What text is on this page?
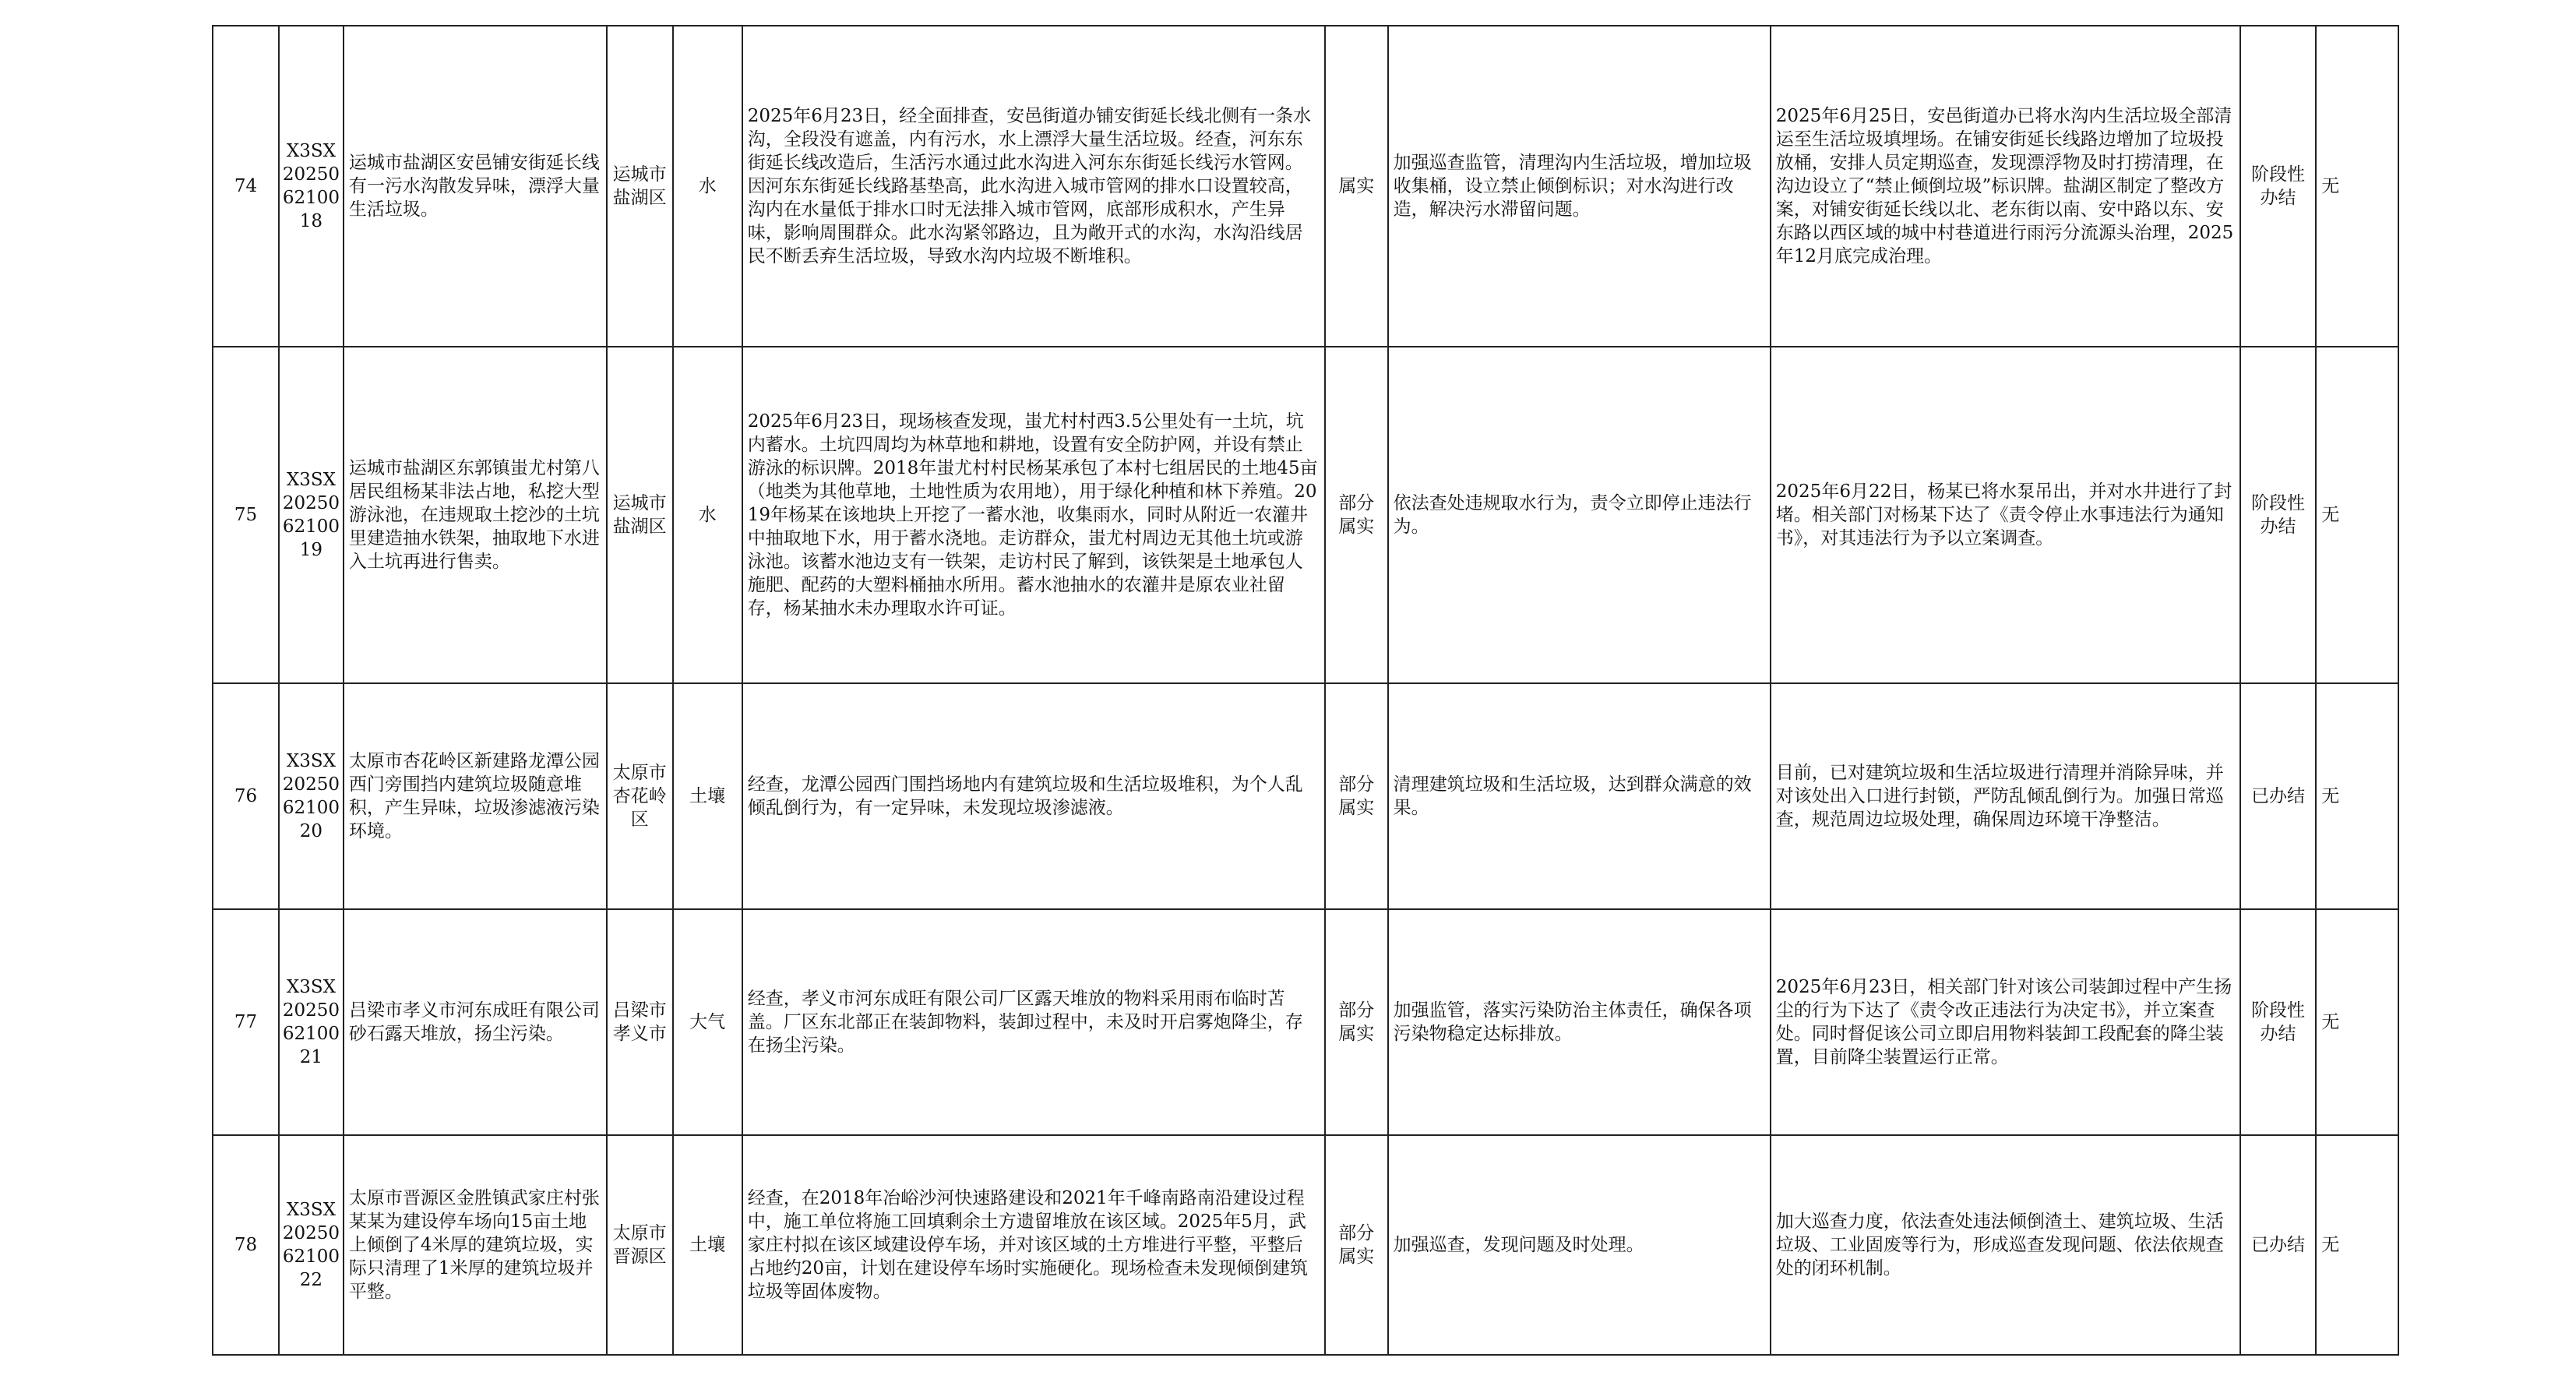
74	X3SX2025062100 18	运城市盐湖区安邑铺安街延长线有一污水沟散发异味，漂浮大量生活垃圾。	运城市盐湖区	水	2025年6月23日，经全面排查，安邑街道办铺安街延长线北侧有一条水沟，全段没有遮盖，内有污水，水上漂浮大量生活垃圾。经查，河东东街延长线改造后，生活污水通过此水沟进入河东东街延长线污水管网。因河东东街延长线路基垫高，此水沟进入城市管网的排水口设置较高，沟内在水量低于排水口时无法排入城市管网，底部形成积水，产生异味，影响周围群众。此水沟紧邻路边，且为敞开式的水沟，水沟沿线居民不断丢弃生活垃圾，导致水沟内垃圾不断堆积。	属实	加强巡查监管，清理沟内生活垃圾，增加垃圾收集桶，设立禁止倾倒标识；对水沟进行改造，解决污水滞留问题。	2025年6月25日，安邑街道办已将水沟内生活垃圾全部清运至生活垃圾填埋场。在铺安街延长线路边增加了垃圾投放桶，安排人员定期巡查，发现漂浮物及时打捞清理，在沟边设立了“禁止倾倒垃圾”标识牌。盐湖区制定了整改方案，对铺安街延长线以北、老东街以南、安中路以东、安东路以西区域的城中村巷道进行雨污分流源头治理，2025年12月底完成治理。	阶段性办结	无
75	X3SX2025062100 19	运城市盐湖区东郭镇蚩尤村第八居民组杨某非法占地，私挖大型游泳池，在违规取土挖沙的土坑里建造抽水铁架，抽取地下水进入土坑再进行售卖。	运城市盐湖区	水	2025年6月23日，现场核查发现，蚩尤村村西3.5公里处有一土坑，坑内蓄水。土坑四周均为林草地和耕地，设置有安全防护网，并设有禁止游泳的标识牌。2018年蚩尤村村民杨某承包了本村七组居民的土地45亩（地类为其他草地，土地性质为农用地），用于绿化种植和林下养殖。2019年杨某在该地块上开挖了一蓄水池，收集雨水，同时从附近一农灌井中抽取地下水，用于蓄水浇地。走访群众，蚩尤村周边无其他土坑或游泳池。该蓄水池边支有一铁架，走访村民了解到，该铁架是土地承包人施肥、配药的大塑料桶抽水所用。蓄水池抽水的农灌井是原农业社留存，杨某抽水未办理取水许可证。	部分属实	依法查处违规取水行为，责令立即停止违法行为。	2025年6月22日，杨某已将水泵吊出，并对水井进行了封堵。相关部门对杨某下达了《责令停止水事违法行为通知书》，对其违法行为予以立案调查。	阶段性办结	无
76	X3SX2025062100 20	太原市杏花岭区新建路龙潭公园西门旁围挡内建筑垃圾随意堆积，产生异味，垃圾渗滤液污染环境。	太原市杏花岭区	土壤	经查，龙潭公园西门围挡场地内有建筑垃圾和生活垃圾堆积，为个人乱倾乱倒行为，有一定异味，未发现垃圾渗滤液。	部分属实	清理建筑垃圾和生活垃圾，达到群众满意的效果。	目前，已对建筑垃圾和生活垃圾进行清理并消除异味，并对该处出入口进行封锁，严防乱倾乱倒行为。加强日常巡查，规范周边垃圾处理，确保周边环境干净整洁。	已办结	无
77	X3SX2025062100 21	吕梁市孝义市河东成旺有限公司砂石露天堆放，扬尘污染。	吕梁市孝义市	大气	经查，孝义市河东成旺有限公司厂区露天堆放的物料采用雨布临时苫盖。厂区东北部正在装卸物料，装卸过程中，未及时开启雾炮降尘，存在扬尘污染。	部分属实	加强监管，落实污染防治主体责任，确保各项污染物稳定达标排放。	2025年6月23日，相关部门针对该公司装卸过程中产生扬尘的行为下达了《责令改正违法行为决定书》，并立案查处。同时督促该公司立即启用物料装卸工段配套的降尘装置，目前降尘装置运行正常。	阶段性办结	无
78	X3SX2025062100 22	太原市晋源区金胜镇武家庄村张某某为建设停车场向15亩土地上倾倒了4米厚的建筑垃圾，实际只清理了1米厚的建筑垃圾并平整。	太原市晋源区	土壤	经查，在2018年冶峪沙河快速路建设和2021年千峰南路南沿建设过程中，施工单位将施工回填剩余土方遗留堆放在该区域。2025年5月，武家庄村拟在该区域建设停车场，并对该区域的土方堆进行平整，平整后占地约20亩，计划在建设停车场时实施硬化。现场检查未发现倾倒建筑垃圾等固体废物。	部分属实	加强巡查，发现问题及时处理。	加大巡查力度，依法查处违法倾倒渣土、建筑垃圾、生活垃圾、工业固废等行为，形成巡查发现问题、依法依规查处的闭环机制。	已办结	无
